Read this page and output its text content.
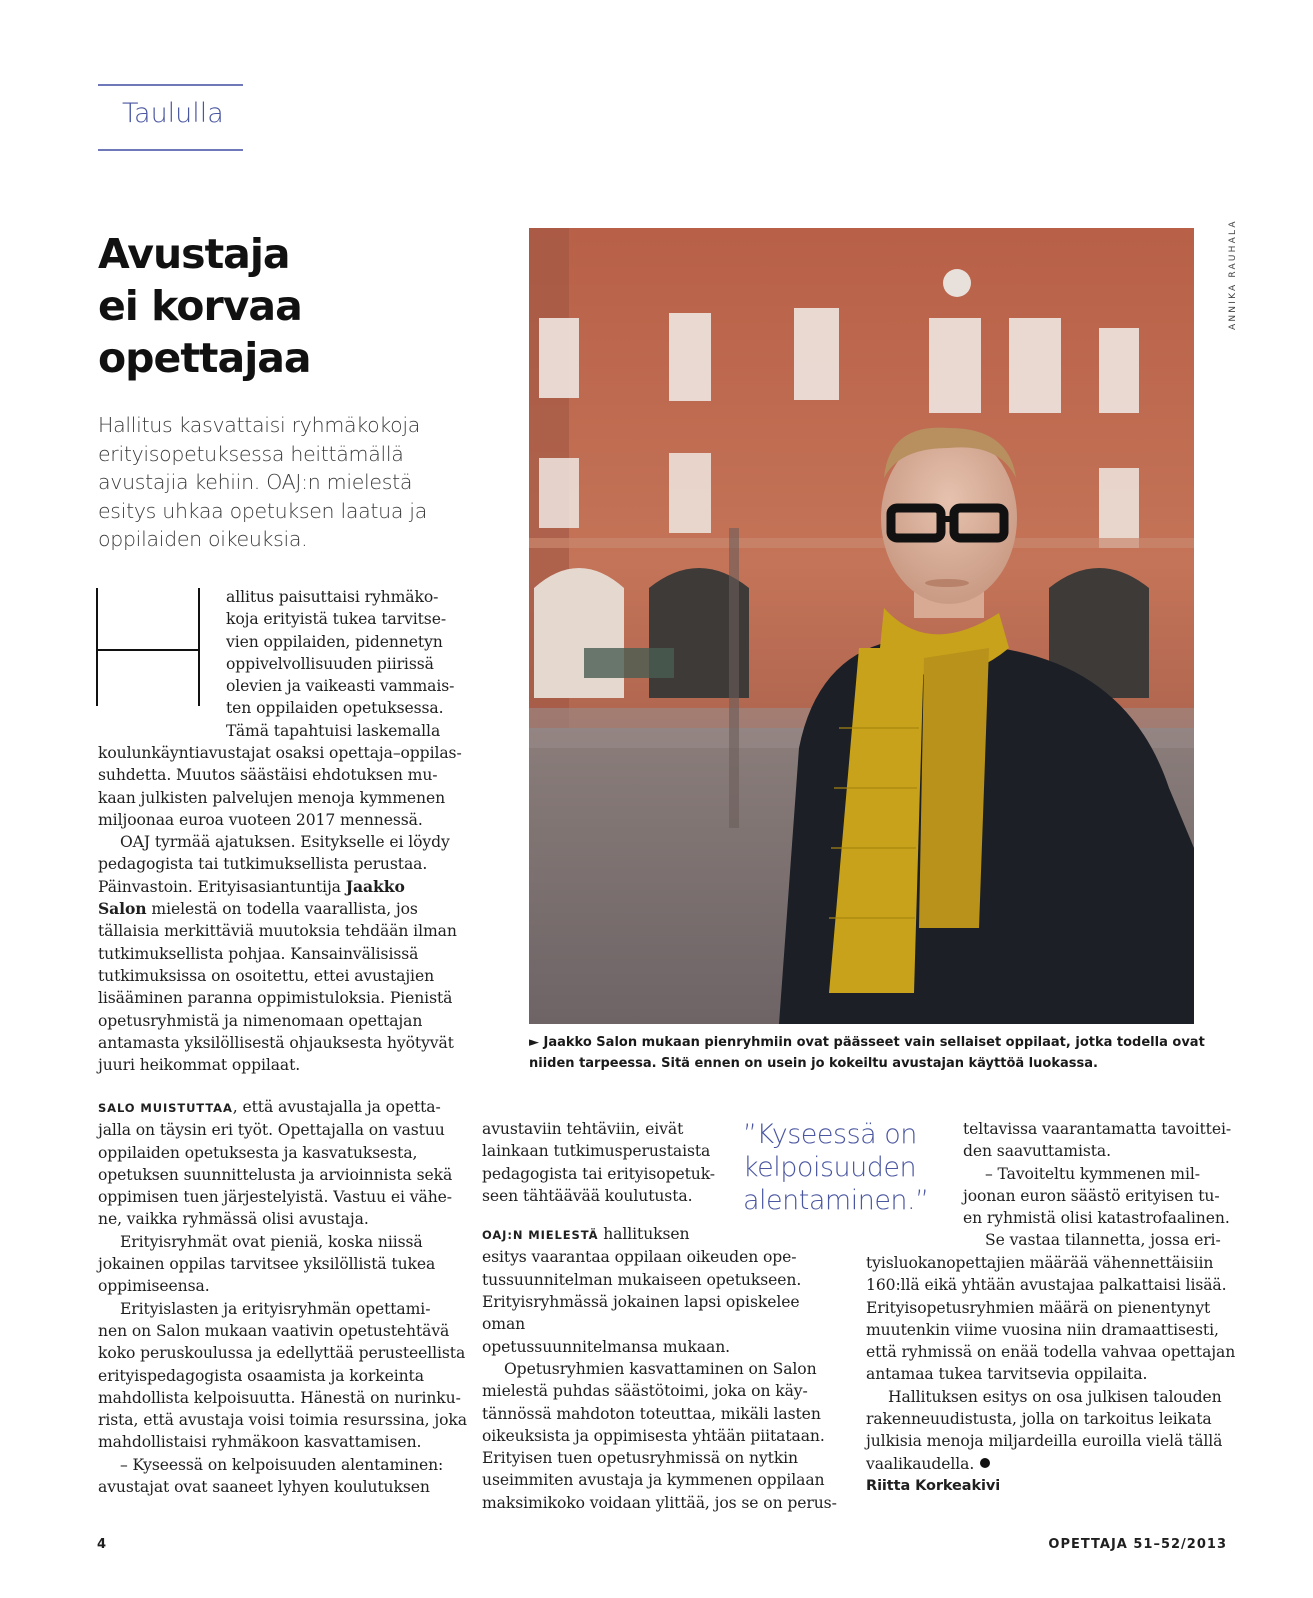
Taululla
Avustaja
ei korvaa
opettajaa
Hallitus kasvattaisi ryhmäkokoja
erityisopetuksessa heittämällä
avustajia kehiin. OAJ:n mielestä
esitys uhkaa opetuksen laatua ja
oppilaiden oikeuksia.
allitus paisuttaisi ryhmäko-
koja erityistä tukea tarvitse-
vien oppilaiden, pidennetyn
oppivelvollisuuden piirissä
olevien ja vaikeasti vammais-
ten oppilaiden opetuksessa.
Tämä tapahtuisi laskemalla
koulunkäyntiavustajat osaksi opettaja–oppilas-
suhdetta. Muutos säästäisi ehdotuksen mu-
kaan julkisten palvelujen menoja kymmenen
miljoonaa euroa vuoteen 2017 mennessä.
OAJ tyrmää ajatuksen. Esitykselle ei löydy
pedagogista tai tutkimuksellista perustaa.
Päinvastoin. Erityisasiantuntija Jaakko
Salon mielestä on todella vaarallista, jos
tällaisia merkittäviä muutoksia tehdään ilman
tutkimuksellista pohjaa. Kansainvälisissä
tutkimuksissa on osoitettu, ettei avustajien
lisääminen paranna oppimistuloksia. Pienistä
opetusryhmistä ja nimenomaan opettajan
antamasta yksilöllisestä ohjauksesta hyötyvät
juuri heikommat oppilaat.
SALO MUISTUTTAA, että avustajalla ja opetta-
jalla on täysin eri työt. Opettajalla on vastuu
oppilaiden opetuksesta ja kasvatuksesta,
opetuksen suunnittelusta ja arvioinnista sekä
oppimisen tuen järjestelyistä. Vastuu ei vähe-
ne, vaikka ryhmässä olisi avustaja.
Erityisryhmät ovat pieniä, koska niissä
jokainen oppilas tarvitsee yksilöllistä tukea
oppimiseensa.
Erityislasten ja erityisryhmän opettami-
nen on Salon mukaan vaativin opetustehtävä
koko peruskoulussa ja edellyttää perusteellista
erityispedagogista osaamista ja korkeinta
mahdollista kelpoisuutta. Hänestä on nurinku-
rista, että avustaja voisi toimia resurssina, joka
mahdollistaisi ryhmäkoon kasvattamisen.
– Kyseessä on kelpoisuuden alentaminen:
avustajat ovat saaneet lyhyen koulutuksen
avustaviin tehtäviin, eivät
lainkaan tutkimusperustaista
pedagogista tai erityisopetuk-
seen tähtäävää koulutusta.
OAJ:N MIELESTÄ hallituksen
esitys vaarantaa oppilaan oikeuden ope-
tussuunnitelman mukaiseen opetukseen.
Erityisryhmässä jokainen lapsi opiskelee oman
opetussuunnitelmansa mukaan.
Opetusryhmien kasvattaminen on Salon
mielestä puhdas säästötoimi, joka on käy-
tännössä mahdoton toteuttaa, mikäli lasten
oikeuksista ja oppimisesta yhtään piitataan.
Erityisen tuen opetusryhmissä on nytkin
useimmiten avustaja ja kymmenen oppilaan
maksimikoko voidaan ylittää, jos se on perus-
”Kyseessä on
kelpoisuuden
alentaminen.”
teltavissa vaarantamatta tavoittei-
den saavuttamista.
– Tavoiteltu kymmenen mil-
joonan euron säästö erityisen tu-
en ryhmistä olisi katastrofaalinen.
Se vastaa tilannetta, jossa eri-
tyisluokanopettajien määrää vähennettäisiin
160:llä eikä yhtään avustajaa palkattaisi lisää.
Erityisopetusryhmien määrä on pienentynyt
muutenkin viime vuosina niin dramaattisesti,
että ryhmissä on enää todella vahvaa opettajan
antamaa tukea tarvitsevia oppilaita.
Hallituksen esitys on osa julkisen talouden
rakenneuudistusta, jolla on tarkoitus leikata
julkisia menoja miljardeilla euroilla vielä tällä
vaalikaudella.
Riitta Korkeakivi
ANNIKA RAUHALA
► Jaakko Salon mukaan pienryhmiin ovat päässeet vain sellaiset oppilaat, jotka todella ovat
niiden tarpeessa. Sitä ennen on usein jo kokeiltu avustajan käyttöä luokassa.
4	OPETTAJA 51–52/2013
